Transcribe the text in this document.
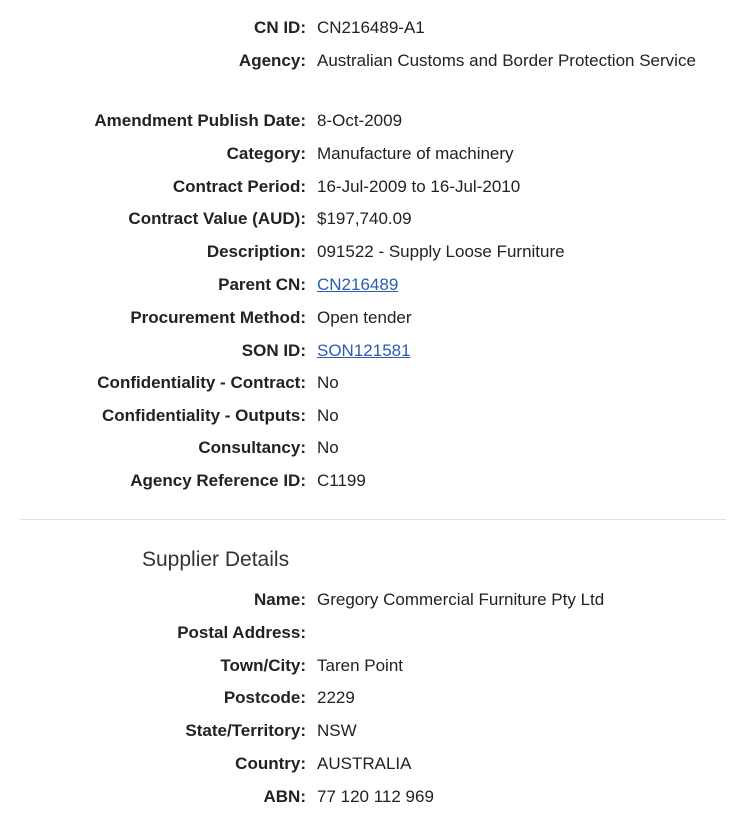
CN ID: CN216489-A1
Agency: Australian Customs and Border Protection Service
Amendment Publish Date: 8-Oct-2009
Category: Manufacture of machinery
Contract Period: 16-Jul-2009 to 16-Jul-2010
Contract Value (AUD): $197,740.09
Description: 091522 - Supply Loose Furniture
Parent CN: CN216489
Procurement Method: Open tender
SON ID: SON121581
Confidentiality - Contract: No
Confidentiality - Outputs: No
Consultancy: No
Agency Reference ID: C1199
Supplier Details
Name: Gregory Commercial Furniture Pty Ltd
Postal Address:
Town/City: Taren Point
Postcode: 2229
State/Territory: NSW
Country: AUSTRALIA
ABN: 77 120 112 969
